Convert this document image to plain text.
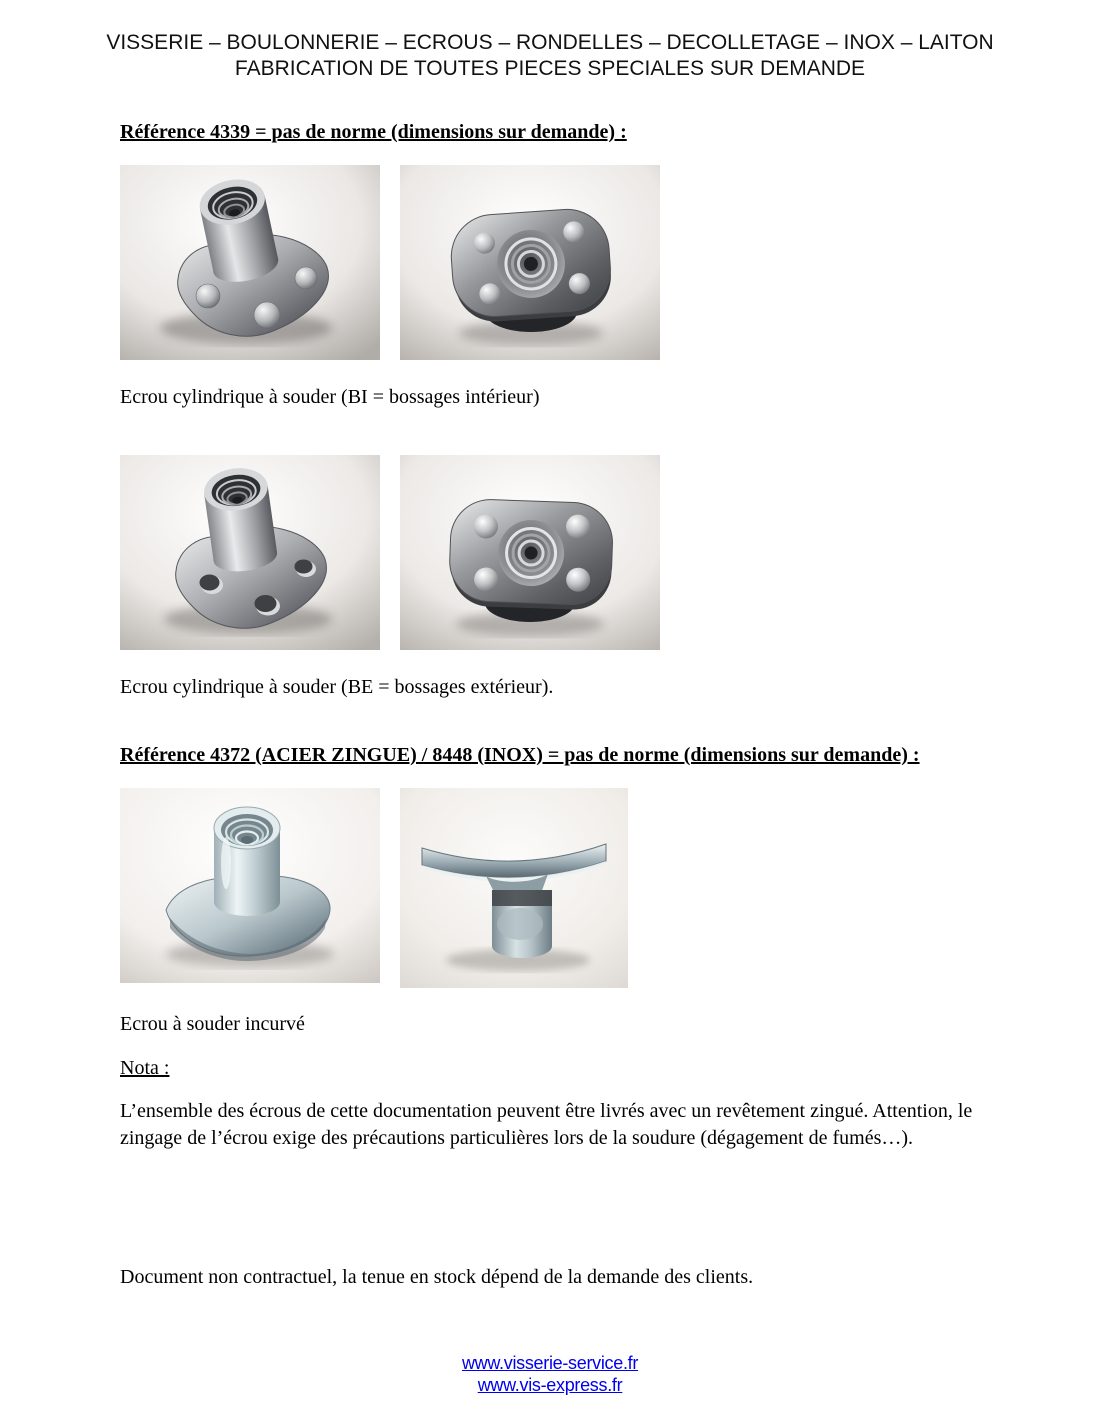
VISSERIE – BOULONNERIE – ECROUS – RONDELLES – DECOLLETAGE – INOX – LAITON
FABRICATION DE TOUTES PIECES SPECIALES SUR DEMANDE
Référence 4339 = pas de norme (dimensions sur demande) :

Ecrou cylindrique à souder (BI = bossages intérieur)

Ecrou cylindrique à souder (BE = bossages extérieur).

Référence 4372 (ACIER ZINGUE) / 8448 (INOX) = pas de norme (dimensions sur demande) :

Ecrou à souder incurvé

Nota :

L’ensemble des écrous de cette documentation peuvent être livrés avec un revêtement zingué. Attention, le zingage de l’écrou exige des précautions particulières lors de la soudure (dégagement de fumés…).

Document non contractuel, la tenue en stock dépend de la demande des clients.

www.visserie-service.fr
www.vis-express.fr
